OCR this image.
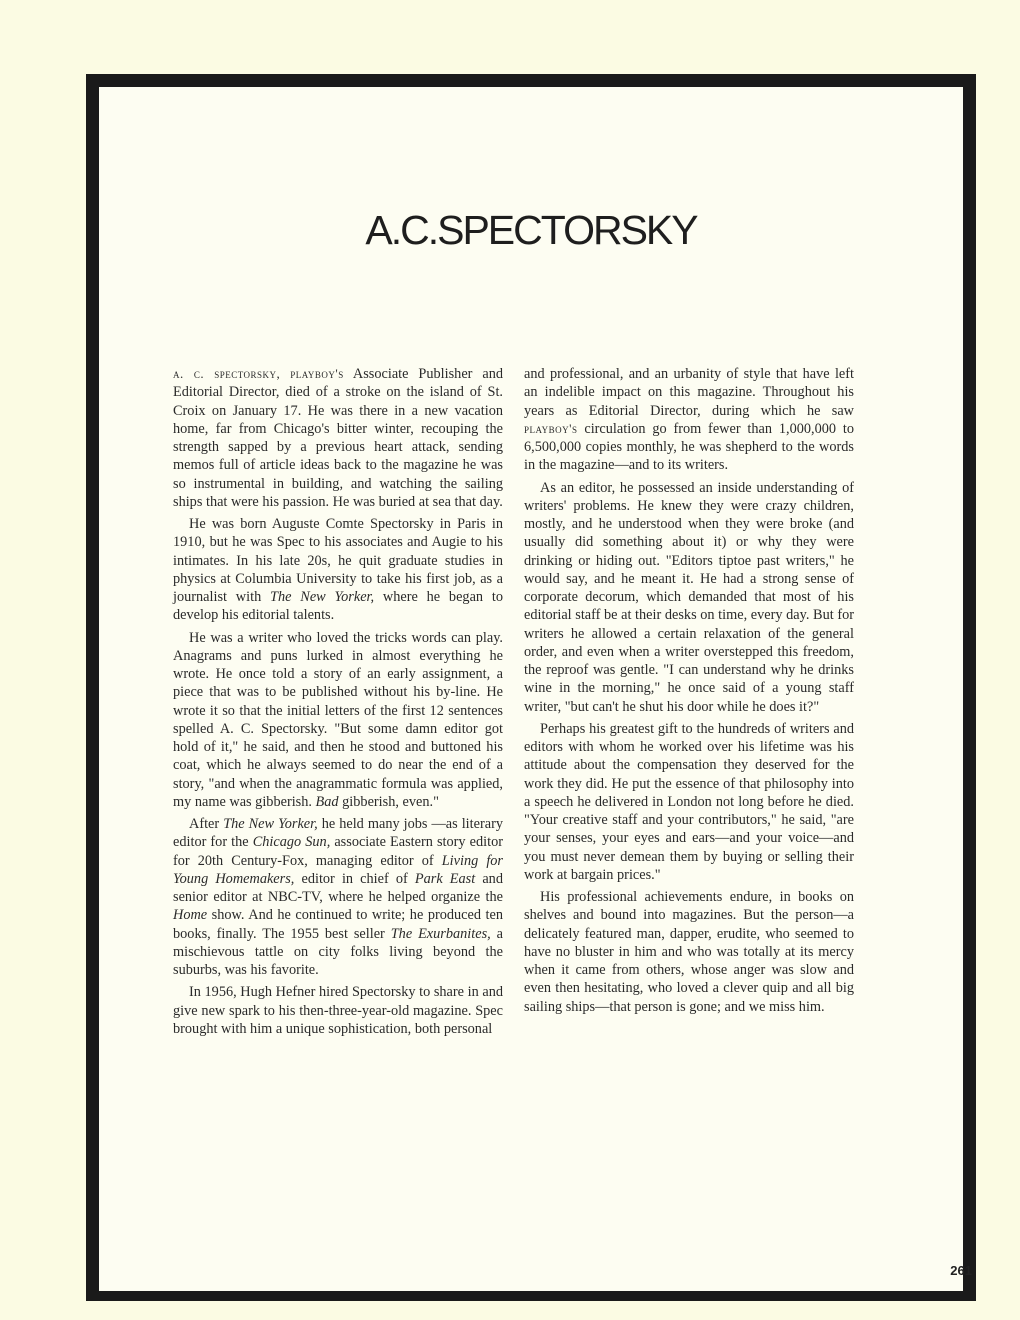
A.C.SPECTORSKY

a. c. spectorsky, playboy's Associate Publisher and Editorial Director, died of a stroke on the island of St. Croix on January 17. He was there in a new vacation home, far from Chicago's bitter winter, recouping the strength sapped by a previous heart attack, sending memos full of article ideas back to the magazine he was so instrumental in building, and watching the sailing ships that were his passion. He was buried at sea that day.

He was born Auguste Comte Spectorsky in Paris in 1910, but he was Spec to his associates and Augie to his intimates. In his late 20s, he quit graduate studies in physics at Columbia University to take his first job, as a journalist with The New Yorker, where he began to develop his editorial talents.

He was a writer who loved the tricks words can play. Anagrams and puns lurked in almost everything he wrote. He once told a story of an early assignment, a piece that was to be published without his by-line. He wrote it so that the initial letters of the first 12 sentences spelled A. C. Spectorsky. "But some damn editor got hold of it," he said, and then he stood and buttoned his coat, which he always seemed to do near the end of a story, "and when the anagrammatic formula was applied, my name was gibberish. Bad gibberish, even."

After The New Yorker, he held many jobs —as literary editor for the Chicago Sun, associate Eastern story editor for 20th Century-Fox, managing editor of Living for Young Homemakers, editor in chief of Park East and senior editor at NBC-TV, where he helped organize the Home show. And he continued to write; he produced ten books, finally. The 1955 best seller The Exurbanites, a mischievous tattle on city folks living beyond the suburbs, was his favorite.

In 1956, Hugh Hefner hired Spectorsky to share in and give new spark to his then-three-year-old magazine. Spec brought with him a unique sophistication, both personal

and professional, and an urbanity of style that have left an indelible impact on this magazine. Throughout his years as Editorial Director, during which he saw playboy's circulation go from fewer than 1,000,000 to 6,500,000 copies monthly, he was shepherd to the words in the magazine—and to its writers.

As an editor, he possessed an inside understanding of writers' problems. He knew they were crazy children, mostly, and he understood when they were broke (and usually did something about it) or why they were drinking or hiding out. "Editors tiptoe past writers," he would say, and he meant it. He had a strong sense of corporate decorum, which demanded that most of his editorial staff be at their desks on time, every day. But for writers he allowed a certain relaxation of the general order, and even when a writer overstepped this freedom, the reproof was gentle. "I can understand why he drinks wine in the morning," he once said of a young staff writer, "but can't he shut his door while he does it?"

Perhaps his greatest gift to the hundreds of writers and editors with whom he worked over his lifetime was his attitude about the compensation they deserved for the work they did. He put the essence of that philosophy into a speech he delivered in London not long before he died. "Your creative staff and your contributors," he said, "are your senses, your eyes and ears—and your voice—and you must never demean them by buying or selling their work at bargain prices."

His professional achievements endure, in books on shelves and bound into magazines. But the person—a delicately featured man, dapper, erudite, who seemed to have no bluster in him and who was totally at its mercy when it came from others, whose anger was slow and even then hesitating, who loved a clever quip and all big sailing ships—that person is gone; and we miss him.

261
